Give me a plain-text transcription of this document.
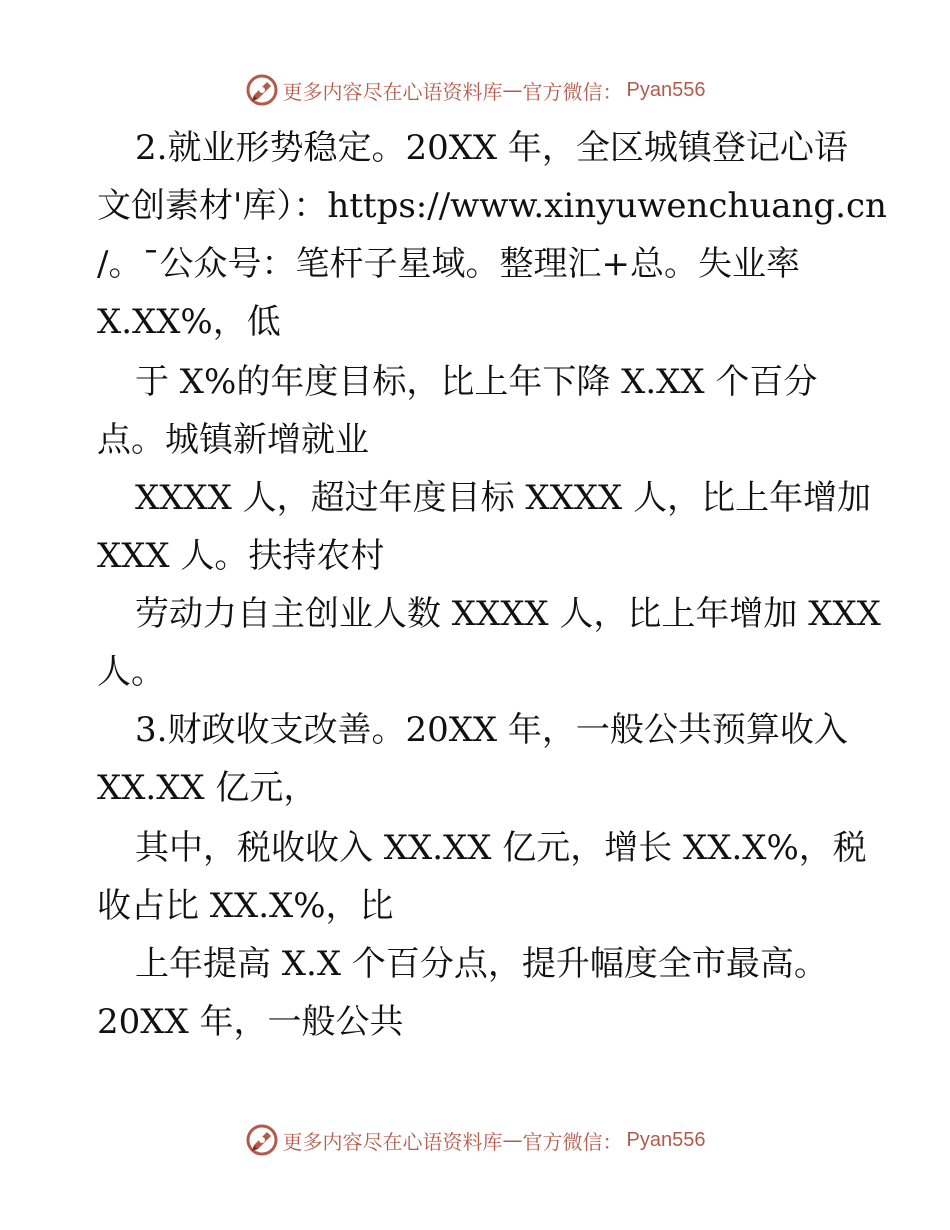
更多内容尽在心语资料库 — 官方微信： Pyan556
2.就业形势稳定。20XX 年，全区城镇登记心语
文创素材'库）：https://www.xinyuwenchuang.cn
/。¯公众号：笔杆子星域。整理汇+总。失业率
X.XX%，低
于 X%的年度目标，比上年下降 X.XX 个百分
点。城镇新增就业
XXXX 人，超过年度目标 XXXX 人，比上年增加
XXX 人。扶持农村
劳动力自主创业人数 XXXX 人，比上年增加 XXX
人。
3.财政收支改善。20XX 年，一般公共预算收入
XX.XX 亿元，
其中，税收收入 XX.XX 亿元，增长 XX.X%，税
收占比 XX.X%，比
上年提高 X.X 个百分点，提升幅度全市最高。
20XX 年，一般公共
更多内容尽在心语资料库 — 官方微信： Pyan556
